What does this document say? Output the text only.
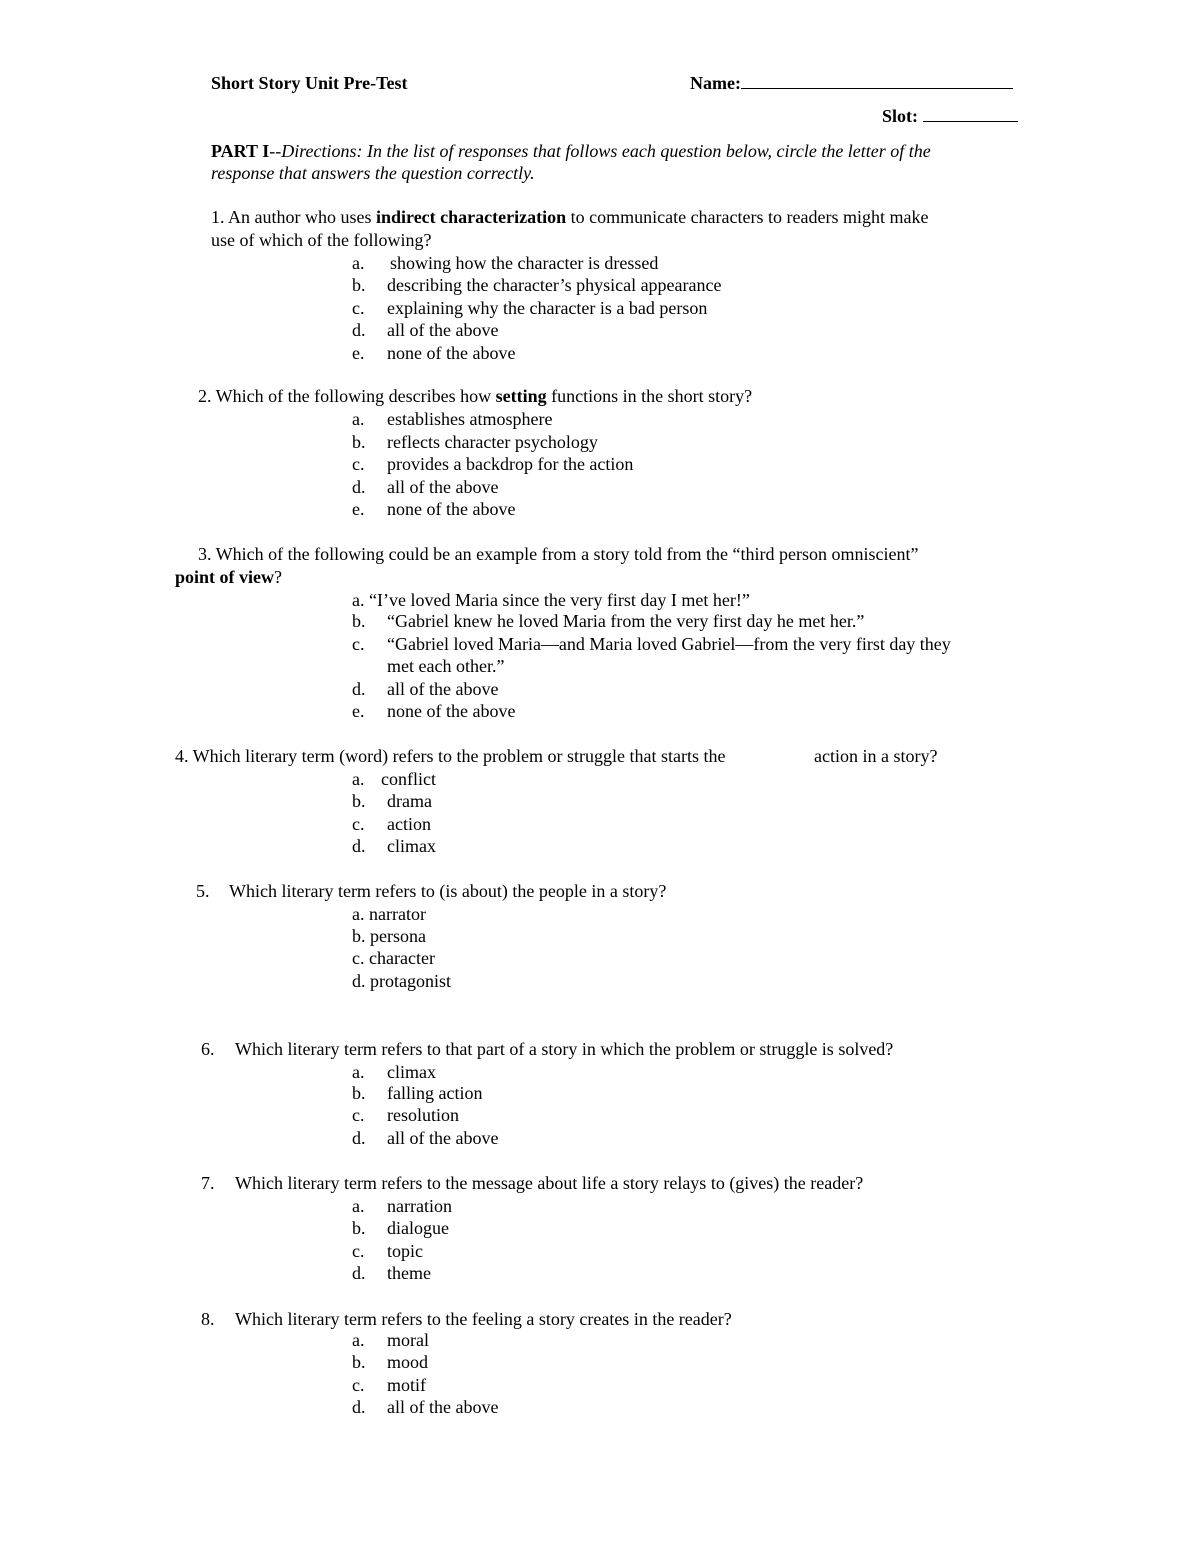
Short Story Unit Pre-Test	Name:
Slot:
PART I--Directions: In the list of responses that follows each question below, circle the letter of the
response that answers the question correctly.
1. An author who uses indirect characterization to communicate characters to readers might make
use of which of the following?
a. showing how the character is dressed
b. describing the character’s physical appearance
c. explaining why the character is a bad person
d. all of the above
e. none of the above
2. Which of the following describes how setting functions in the short story?
a. establishes atmosphere
b. reflects character psychology
c. provides a backdrop for the action
d. all of the above
e. none of the above
3. Which of the following could be an example from a story told from the “third person omniscient”
point of view?
a. “I’ve loved Maria since the very first day I met her!”
b. “Gabriel knew he loved Maria from the very first day he met her.”
c. “Gabriel loved Maria—and Maria loved Gabriel—from the very first day they
met each other.”
d. all of the above
e. none of the above
4. Which literary term (word) refers to the problem or struggle that starts the	action in a story?
a. conflict
b. drama
c. action
d. climax
5. Which literary term refers to (is about) the people in a story?
a. narrator
b. persona
c. character
d. protagonist
6. Which literary term refers to that part of a story in which the problem or struggle is solved?
a. climax
b. falling action
c. resolution
d. all of the above
7. Which literary term refers to the message about life a story relays to (gives) the reader?
a. narration
b. dialogue
c. topic
d. theme
8. Which literary term refers to the feeling a story creates in the reader?
a. moral
b. mood
c. motif
d. all of the above
